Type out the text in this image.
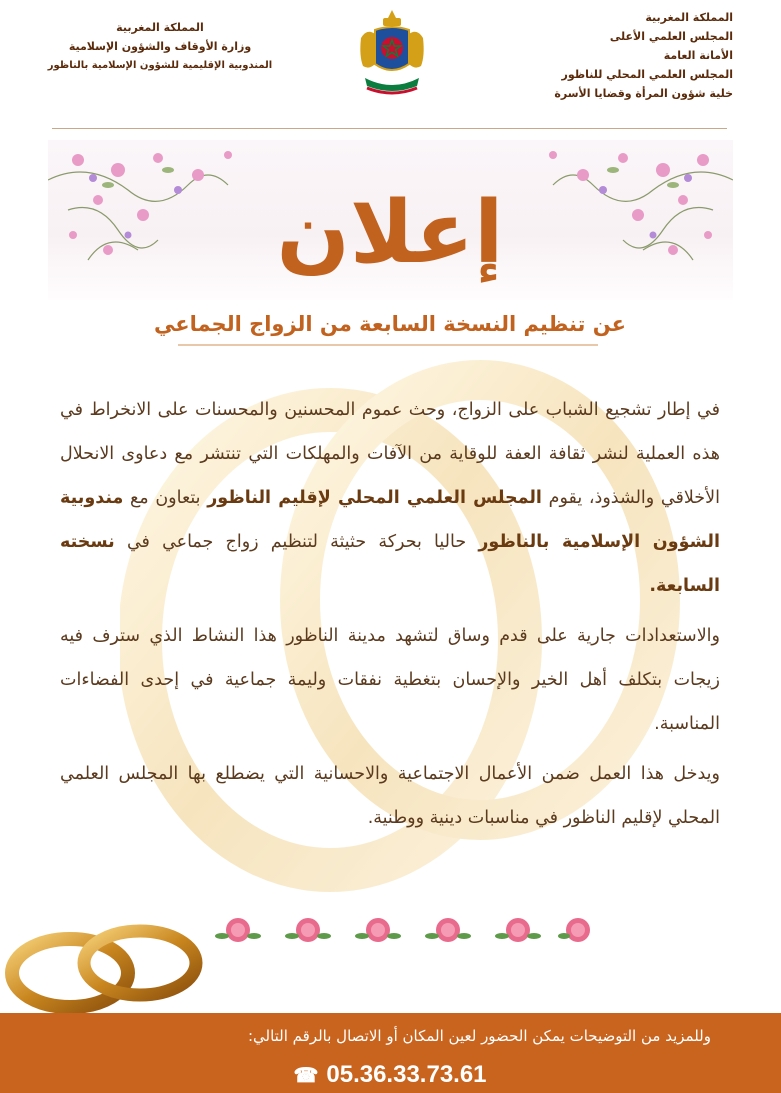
المملكة المغربية
المجلس العلمي الأعلى
الأمانة العامة
المجلس العلمي المحلي للناظور
خلية شؤون المرأة وقضايا الأسرة
المملكة المغربية
وزارة الأوقاف والشؤون الإسلامية
المندوبية الإقليمية للشؤون الإسلامية بالناظور
إعلان
عن تنظيم النسخة السابعة من الزواج الجماعي

في إطار تشجيع الشباب على الزواج، وحث عموم المحسنين والمحسنات على الانخراط في هذه العملية لنشر ثقافة العفة للوقاية من الآفات والمهلكات التي تنتشر مع دعاوى الانحلال الأخلاقي والشذوذ، يقوم المجلس العلمي المحلي لإقليم الناظور بتعاون مع مندوبية الشؤون الإسلامية بالناظور حاليا بحركة حثيثة لتنظيم زواج جماعي في نسخته السابعة.

والاستعدادات جارية على قدم وساق لتشهد مدينة الناظور هذا النشاط الذي سترف فيه زيجات بتكلف أهل الخير والإحسان بتغطية نفقات وليمة جماعية في إحدى الفضاءات المناسبة.

ويدخل هذا العمل ضمن الأعمال الاجتماعية والاحسانية التي يضطلع بها المجلس العلمي المحلي لإقليم الناظور في مناسبات دينية ووطنية.

وللمزيد من التوضيحات يمكن الحضور لعين المكان أو الاتصال بالرقم التالي:
☎ 05.36.33.73.61
